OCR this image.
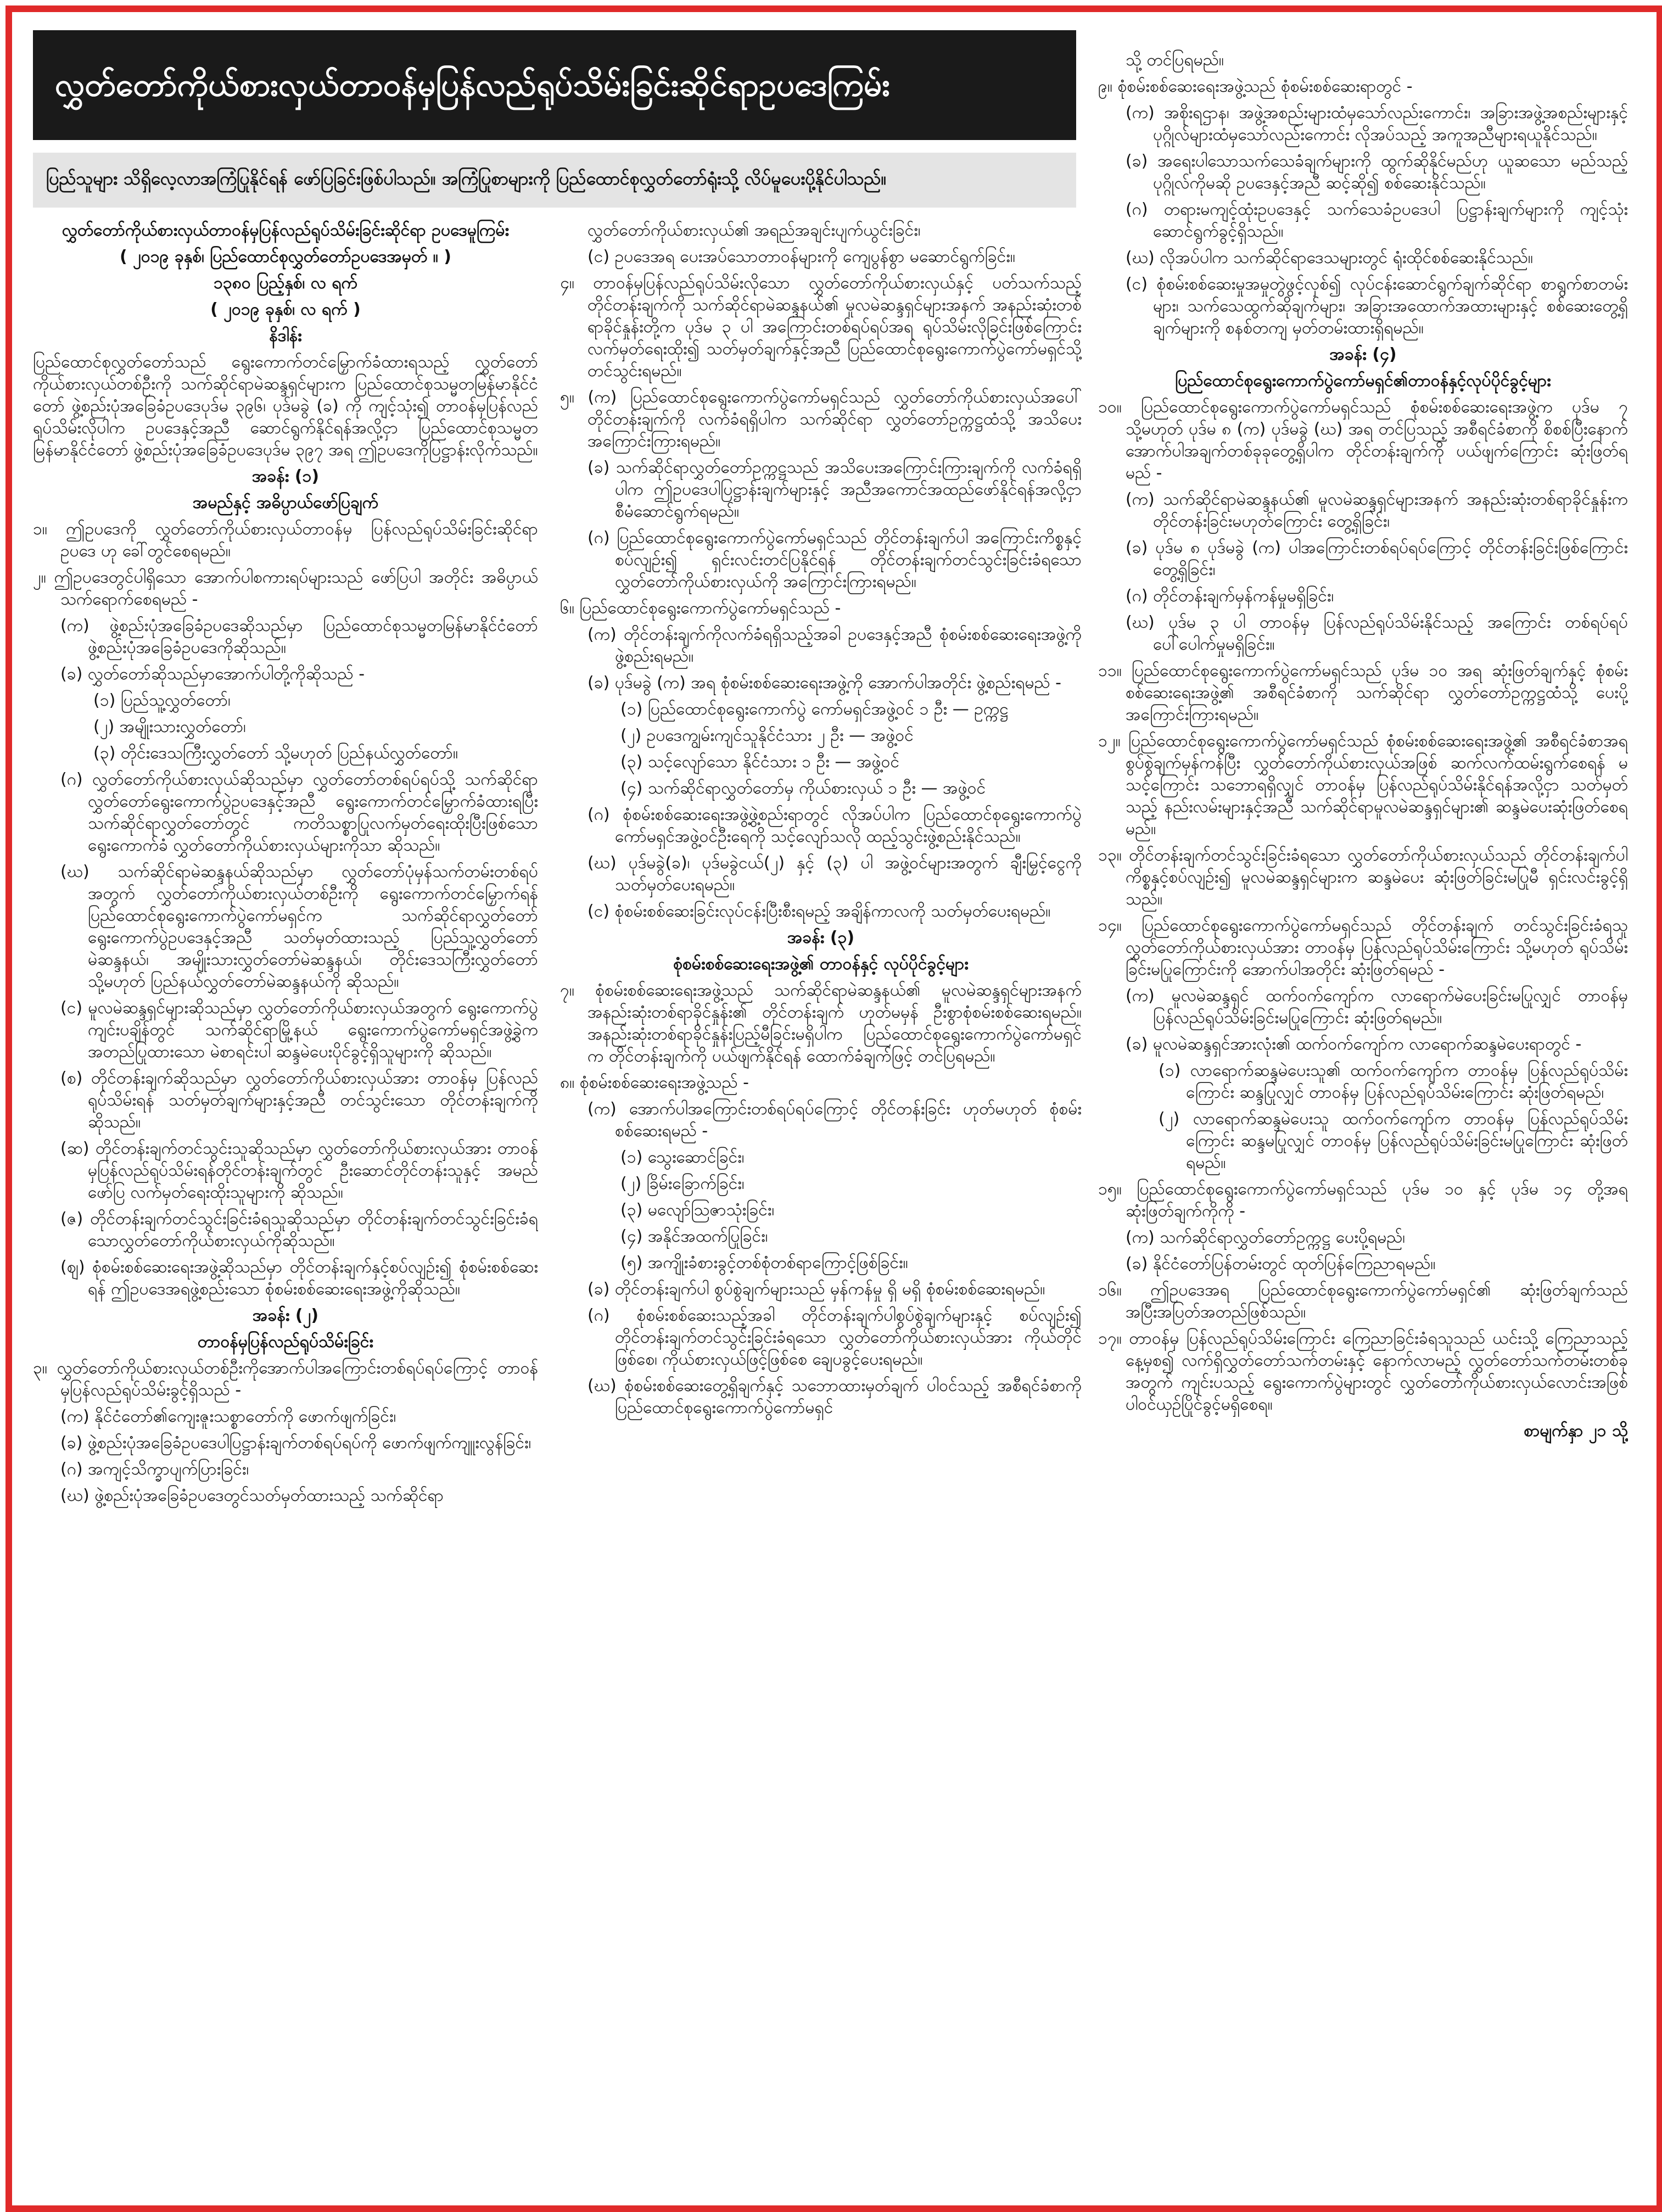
လွှတ်တော်ကိုယ်စားလှယ်တာဝန်မှပြန်လည်ရုပ်သိမ်းခြင်းဆိုင်ရာဥပဒေကြမ်း
ပြည်သူများ သိရှိလေ့လာအကြံပြုနိုင်ရန် ဖော်ပြခြင်းဖြစ်ပါသည်။ အကြံပြုစာများကို ပြည်ထောင်စုလွှတ်တော်ရုံးသို့ လိပ်မူပေးပို့နိုင်ပါသည်။

လွှတ်တော်ကိုယ်စားလှယ်တာဝန်မှပြန်လည်ရုပ်သိမ်းခြင်းဆိုင်ရာ ဥပဒေမူကြမ်း

( ၂၀၁၉ ခုနှစ်၊ ပြည်ထောင်စုလွှတ်တော်ဥပဒေအမှတ် ။ )

၁၃၈၀ ပြည့်နှစ်၊ လ ရက်

( ၂၀၁၉ ခုနှစ်၊ လ ရက် )

နိဒါန်း

ပြည်ထောင်စုလွှတ်တော်သည် ရွေးကောက်တင်မြှောက်ခံထားရသည့် လွှတ်တော်ကိုယ်စားလှယ်တစ်ဦးကို သက်ဆိုင်ရာမဲဆန္ဒရှင်များက ပြည်ထောင်စုသမ္မတမြန်မာနိုင်ငံတော် ဖွဲ့စည်းပုံအခြေခံဥပဒေပုဒ်မ ၃၉၆၊ ပုဒ်မခွဲ (ခ) ကို ကျင့်သုံး၍ တာဝန်မှပြန်လည်ရုပ်သိမ်းလိုပါက ဥပဒေနှင့်အညီ ဆောင်ရွက်နိုင်ရန်အလို့ငှာ ပြည်ထောင်စုသမ္မတမြန်မာနိုင်ငံတော် ဖွဲ့စည်းပုံအခြေခံဥပဒေပုဒ်မ ၃၉၇ အရ ဤဥပဒေကိုပြဋ္ဌာန်းလိုက်သည်။

အခန်း (၁)

အမည်နှင့် အဓိပ္ပာယ်ဖော်ပြချက်

၁။ ဤဥပဒေကို လွှတ်တော်ကိုယ်စားလှယ်တာဝန်မှ ပြန်လည်ရုပ်သိမ်းခြင်းဆိုင်ရာ ဥပဒေ ဟု ခေါ်တွင်စေရမည်။

၂။ ဤဥပဒေတွင်ပါရှိသော အောက်ပါစကားရပ်များသည် ဖော်ပြပါ အတိုင်း အဓိပ္ပာယ်သက်ရောက်စေရမည် -

(က) ဖွဲ့စည်းပုံအခြေခံဥပဒေဆိုသည်မှာ ပြည်ထောင်စုသမ္မတမြန်မာနိုင်ငံတော် ဖွဲ့စည်းပုံအခြေခံဥပဒေကိုဆိုသည်။

(ခ) လွှတ်တော်ဆိုသည်မှာအောက်ပါတို့ကိုဆိုသည် -

(၁) ပြည်သူ့လွှတ်တော်၊

(၂) အမျိုးသားလွှတ်တော်၊

(၃) တိုင်းဒေသကြီးလွှတ်တော် သို့မဟုတ် ပြည်နယ်လွှတ်တော်။

(ဂ) လွှတ်တော်ကိုယ်စားလှယ်ဆိုသည်မှာ လွှတ်တော်တစ်ရပ်ရပ်သို့ သက်ဆိုင်ရာလွှတ်တော်ရွေးကောက်ပွဲဥပဒေနှင့်အညီ ရွေးကောက်တင်မြှောက်ခံထားရပြီး သက်ဆိုင်ရာလွှတ်တော်တွင် ကတိသစ္စာပြုလက်မှတ်ရေးထိုးပြီးဖြစ်သော ရွေးကောက်ခံ လွှတ်တော်ကိုယ်စားလှယ်များကိုသာ ဆိုသည်။

(ဃ) သက်ဆိုင်ရာမဲဆန္ဒနယ်ဆိုသည်မှာ လွှတ်တော်ပုံမှန်သက်တမ်းတစ်ရပ်အတွက် လွှတ်တော်ကိုယ်စားလှယ်တစ်ဦးကို ရွေးကောက်တင်မြှောက်ရန် ပြည်ထောင်စုရွေးကောက်ပွဲကော်မရှင်က သက်ဆိုင်ရာလွှတ်တော်ရွေးကောက်ပွဲဥပဒေနှင့်အညီ သတ်မှတ်ထားသည့် ပြည်သူ့လွှတ်တော်မဲဆန္ဒနယ်၊ အမျိုးသားလွှတ်တော်မဲဆန္ဒနယ်၊ တိုင်းဒေသကြီးလွှတ်တော် သို့မဟုတ် ပြည်နယ်လွှတ်တော်မဲဆန္ဒနယ်ကို ဆိုသည်။

(င) မူလမဲဆန္ဒရှင်များဆိုသည်မှာ လွှတ်တော်ကိုယ်စားလှယ်အတွက် ရွေးကောက်ပွဲကျင်းပချိန်တွင် သက်ဆိုင်ရာမြို့နယ် ရွေးကောက်ပွဲကော်မရှင်အဖွဲ့ခွဲက အတည်ပြုထားသော မဲစာရင်းပါ ဆန္ဒမဲပေးပိုင်ခွင့်ရှိသူများကို ဆိုသည်။

(စ) တိုင်တန်းချက်ဆိုသည်မှာ လွှတ်တော်ကိုယ်စားလှယ်အား တာဝန်မှ ပြန်လည်ရုပ်သိမ်းရန် သတ်မှတ်ချက်များနှင့်အညီ တင်သွင်းသော တိုင်တန်းချက်ကိုဆိုသည်။

(ဆ) တိုင်တန်းချက်တင်သွင်းသူဆိုသည်မှာ လွှတ်တော်ကိုယ်စားလှယ်အား တာဝန်မှပြန်လည်ရုပ်သိမ်းရန်တိုင်တန်းချက်တွင် ဦးဆောင်တိုင်တန်းသူနှင့် အမည်ဖော်ပြ လက်မှတ်ရေးထိုးသူများကို ဆိုသည်။

(ဇ) တိုင်တန်းချက်တင်သွင်းခြင်းခံရသူဆိုသည်မှာ တိုင်တန်းချက်တင်သွင်းခြင်းခံရသောလွှတ်တော်ကိုယ်စားလှယ်ကိုဆိုသည်။

(ဈ) စုံစမ်းစစ်ဆေးရေးအဖွဲ့ဆိုသည်မှာ တိုင်တန်းချက်နှင့်စပ်လျဉ်း၍ စုံစမ်းစစ်ဆေးရန် ဤဥပဒေအရဖွဲ့စည်းသော စုံစမ်းစစ်ဆေးရေးအဖွဲ့ကိုဆိုသည်။

အခန်း (၂)

တာဝန်မှပြန်လည်ရုပ်သိမ်းခြင်း

၃။ လွှတ်တော်ကိုယ်စားလှယ်တစ်ဦးကိုအောက်ပါအကြောင်းတစ်ရပ်ရပ်ကြောင့် တာဝန်မှပြန်လည်ရုပ်သိမ်းခွင့်ရှိသည် -

(က) နိုင်ငံတော်၏ကျေးဇူးသစ္စာတော်ကို ဖောက်ဖျက်ခြင်း၊

(ခ) ဖွဲ့စည်းပုံအခြေခံဥပဒေပါပြဋ္ဌာန်းချက်တစ်ရပ်ရပ်ကို ဖောက်ဖျက်ကျူးလွန်ခြင်း၊

(ဂ) အကျင့်သိက္ခာပျက်ပြားခြင်း၊

(ဃ) ဖွဲ့စည်းပုံအခြေခံဥပဒေတွင်သတ်မှတ်ထားသည့် သက်ဆိုင်ရာ

လွှတ်တော်ကိုယ်စားလှယ်၏ အရည်အချင်းပျက်ယွင်းခြင်း၊

(င) ဥပဒေအရ ပေးအပ်သောတာဝန်များကို ကျေပွန်စွာ မဆောင်ရွက်ခြင်း။

၄။ တာဝန်မှပြန်လည်ရုပ်သိမ်းလိုသော လွှတ်တော်ကိုယ်စားလှယ်နှင့် ပတ်သက်သည့် တိုင်တန်းချက်ကို သက်ဆိုင်ရာမဲဆန္ဒနယ်၏ မူလမဲဆန္ဒရှင်များအနက် အနည်းဆုံးတစ်ရာခိုင်နှုန်းတို့က ပုဒ်မ ၃ ပါ အကြောင်းတစ်ရပ်ရပ်အရ ရုပ်သိမ်းလိုခြင်းဖြစ်ကြောင်း လက်မှတ်ရေးထိုး၍ သတ်မှတ်ချက်နှင့်အညီ ပြည်ထောင်စုရွေးကောက်ပွဲကော်မရှင်သို့ တင်သွင်းရမည်။

၅။ (က) ပြည်ထောင်စုရွေးကောက်ပွဲကော်မရှင်သည် လွှတ်တော်ကိုယ်စားလှယ်အပေါ် တိုင်တန်းချက်ကို လက်ခံရရှိပါက သက်ဆိုင်ရာ လွှတ်တော်ဥက္ကဋ္ဌထံသို့ အသိပေးအကြောင်းကြားရမည်။

(ခ) သက်ဆိုင်ရာလွှတ်တော်ဥက္ကဋ္ဌသည် အသိပေးအကြောင်းကြားချက်ကို လက်ခံရရှိပါက ဤဥပဒေပါပြဋ္ဌာန်းချက်များနှင့် အညီအကောင်အထည်ဖော်နိုင်ရန်အလို့ငှာ စီမံဆောင်ရွက်ရမည်။

(ဂ) ပြည်ထောင်စုရွေးကောက်ပွဲကော်မရှင်သည် တိုင်တန်းချက်ပါ အကြောင်းကိစ္စနှင့်စပ်လျဉ်း၍ ရှင်းလင်းတင်ပြနိုင်ရန် တိုင်တန်းချက်တင်သွင်းခြင်းခံရသော လွှတ်တော်ကိုယ်စားလှယ်ကို အကြောင်းကြားရမည်။

၆။ ပြည်ထောင်စုရွေးကောက်ပွဲကော်မရှင်သည် -

(က) တိုင်တန်းချက်ကိုလက်ခံရရှိသည့်အခါ ဥပဒေနှင့်အညီ စုံစမ်းစစ်ဆေးရေးအဖွဲ့ကို ဖွဲ့စည်းရမည်။

(ခ) ပုဒ်မခွဲ (က) အရ စုံစမ်းစစ်ဆေးရေးအဖွဲ့ကို အောက်ပါအတိုင်း ဖွဲ့စည်းရမည် -

(၁) ပြည်ထောင်စုရွေးကောက်ပွဲ ကော်မရှင်အဖွဲ့ဝင် ၁ ဦး — ဥက္ကဋ္ဌ

(၂) ဥပဒေကျွမ်းကျင်သူနိုင်ငံသား ၂ ဦး — အဖွဲ့ဝင်

(၃) သင့်လျော်သော နိုင်ငံသား ၁ ဦး — အဖွဲ့ဝင်

(၄) သက်ဆိုင်ရာလွှတ်တော်မှ ကိုယ်စားလှယ် ၁ ဦး — အဖွဲ့ဝင်

(ဂ) စုံစမ်းစစ်ဆေးရေးအဖွဲ့ဖွဲ့စည်းရာတွင် လိုအပ်ပါက ပြည်ထောင်စုရွေးကောက်ပွဲကော်မရှင်အဖွဲ့ဝင်ဦးရေကို သင့်လျော်သလို ထည့်သွင်းဖွဲ့စည်းနိုင်သည်။

(ဃ) ပုဒ်မခွဲ(ခ)၊ ပုဒ်မခွဲငယ်(၂) နှင့် (၃) ပါ အဖွဲ့ဝင်များအတွက် ချီးမြှင့်ငွေကို သတ်မှတ်ပေးရမည်။

(င) စုံစမ်းစစ်ဆေးခြင်းလုပ်ငန်းပြီးစီးရမည့် အချိန်ကာလကို သတ်မှတ်ပေးရမည်။

အခန်း (၃)

စုံစမ်းစစ်ဆေးရေးအဖွဲ့၏ တာဝန်နှင့် လုပ်ပိုင်ခွင့်များ

၇။ စုံစမ်းစစ်ဆေးရေးအဖွဲ့သည် သက်ဆိုင်ရာမဲဆန္ဒနယ်၏ မူလမဲဆန္ဒရှင်များအနက် အနည်းဆုံးတစ်ရာခိုင်နှုန်း၏ တိုင်တန်းချက် ဟုတ်မမှန် ဦးစွာစုံစမ်းစစ်ဆေးရမည်။ အနည်းဆုံးတစ်ရာခိုင်နှုန်းပြည့်မီခြင်းမရှိပါက ပြည်ထောင်စုရွေးကောက်ပွဲကော်မရှင်က တိုင်တန်းချက်ကို ပယ်ဖျက်နိုင်ရန် ထောက်ခံချက်ဖြင့် တင်ပြရမည်။

၈။ စုံစမ်းစစ်ဆေးရေးအဖွဲ့သည် -

(က) အောက်ပါအကြောင်းတစ်ရပ်ရပ်ကြောင့် တိုင်တန်းခြင်း ဟုတ်မဟုတ် စုံစမ်းစစ်ဆေးရမည် -

(၁) သွေးဆောင်ခြင်း၊

(၂) ခြိမ်းခြောက်ခြင်း၊

(၃) မလျော်ဩဇာသုံးခြင်း၊

(၄) အနိုင်အထက်ပြုခြင်း၊

(၅) အကျိုးခံစားခွင့်တစ်စုံတစ်ရာကြောင့်ဖြစ်ခြင်း။

(ခ) တိုင်တန်းချက်ပါ စွပ်စွဲချက်များသည် မှန်ကန်မှု ရှိ မရှိ စုံစမ်းစစ်ဆေးရမည်။

(ဂ) စုံစမ်းစစ်ဆေးသည့်အခါ တိုင်တန်းချက်ပါစွပ်စွဲချက်များနှင့် စပ်လျဉ်း၍ တိုင်တန်းချက်တင်သွင်းခြင်းခံရသော လွှတ်တော်ကိုယ်စားလှယ်အား ကိုယ်တိုင်ဖြစ်စေ၊ ကိုယ်စားလှယ်ဖြင့်ဖြစ်စေ ချေပခွင့်ပေးရမည်။

(ဃ) စုံစမ်းစစ်ဆေးတွေ့ရှိချက်နှင့် သဘောထားမှတ်ချက် ပါဝင်သည့် အစီရင်ခံစာကို ပြည်ထောင်စုရွေးကောက်ပွဲကော်မရှင်

သို့ တင်ပြရမည်။

၉။ စုံစမ်းစစ်ဆေးရေးအဖွဲ့သည် စုံစမ်းစစ်ဆေးရာတွင် -

(က) အစိုးရဌာန၊ အဖွဲ့အစည်းများထံမှသော်လည်းကောင်း၊ အခြားအဖွဲ့အစည်းများနှင့် ပုဂ္ဂိုလ်များထံမှသော်လည်းကောင်း လိုအပ်သည့် အကူအညီများရယူနိုင်သည်။

(ခ) အရေးပါသောသက်သေခံချက်များကို ထွက်ဆိုနိုင်မည်ဟု ယူဆသော မည်သည့်ပုဂ္ဂိုလ်ကိုမဆို ဥပဒေနှင့်အညီ ဆင့်ဆို၍ စစ်ဆေးနိုင်သည်။

(ဂ) တရားမကျင့်ထုံးဥပဒေနှင့် သက်သေခံဥပဒေပါ ပြဋ္ဌာန်းချက်များကို ကျင့်သုံးဆောင်ရွက်ခွင့်ရှိသည်။

(ဃ) လိုအပ်ပါက သက်ဆိုင်ရာဒေသများတွင် ရုံးထိုင်စစ်ဆေးနိုင်သည်။

(င) စုံစမ်းစစ်ဆေးမှုအမှုတွဲဖွင့်လှစ်၍ လုပ်ငန်းဆောင်ရွက်ချက်ဆိုင်ရာ စာရွက်စာတမ်းများ၊ သက်သေထွက်ဆိုချက်များ၊ အခြားအထောက်အထားများနှင့် စစ်ဆေးတွေ့ရှိချက်များကို စနစ်တကျ မှတ်တမ်းထားရှိရမည်။

အခန်း (၄)

ပြည်ထောင်စုရွေးကောက်ပွဲကော်မရှင်၏တာဝန်နှင့်လုပ်ပိုင်ခွင့်များ

၁၀။ ပြည်ထောင်စုရွေးကောက်ပွဲကော်မရှင်သည် စုံစမ်းစစ်ဆေးရေးအဖွဲ့က ပုဒ်မ ၇ သို့မဟုတ် ပုဒ်မ ၈ (က) ပုဒ်မခွဲ (ဃ) အရ တင်ပြသည့် အစီရင်ခံစာကို စိစစ်ပြီးနောက် အောက်ပါအချက်တစ်ခုခုတွေ့ရှိပါက တိုင်တန်းချက်ကို ပယ်ဖျက်ကြောင်း ဆုံးဖြတ်ရမည် -

(က) သက်ဆိုင်ရာမဲဆန္ဒနယ်၏ မူလမဲဆန္ဒရှင်များအနက် အနည်းဆုံးတစ်ရာခိုင်နှုန်းက တိုင်တန်းခြင်းမဟုတ်ကြောင်း တွေ့ရှိခြင်း၊

(ခ) ပုဒ်မ ၈ ပုဒ်မခွဲ (က) ပါအကြောင်းတစ်ရပ်ရပ်ကြောင့် တိုင်တန်းခြင်းဖြစ်ကြောင်း တွေ့ရှိခြင်း၊

(ဂ) တိုင်တန်းချက်မှန်ကန်မှုမရှိခြင်း၊

(ဃ) ပုဒ်မ ၃ ပါ တာဝန်မှ ပြန်လည်ရုပ်သိမ်းနိုင်သည့် အကြောင်း တစ်ရပ်ရပ် ပေါ်ပေါက်မှုမရှိခြင်း။

၁၁။ ပြည်ထောင်စုရွေးကောက်ပွဲကော်မရှင်သည် ပုဒ်မ ၁၀ အရ ဆုံးဖြတ်ချက်နှင့် စုံစမ်းစစ်ဆေးရေးအဖွဲ့၏ အစီရင်ခံစာကို သက်ဆိုင်ရာ လွှတ်တော်ဥက္ကဋ္ဌထံသို့ ပေးပို့အကြောင်းကြားရမည်။

၁၂။ ပြည်ထောင်စုရွေးကောက်ပွဲကော်မရှင်သည် စုံစမ်းစစ်ဆေးရေးအဖွဲ့၏ အစီရင်ခံစာအရ စွပ်စွဲချက်မှန်ကန်ပြီး လွှတ်တော်ကိုယ်စားလှယ်အဖြစ် ဆက်လက်ထမ်းရွက်စေရန် မသင့်ကြောင်း သဘောရရှိလျှင် တာဝန်မှ ပြန်လည်ရုပ်သိမ်းနိုင်ရန်အလို့ငှာ သတ်မှတ်သည့် နည်းလမ်းများနှင့်အညီ သက်ဆိုင်ရာမူလမဲဆန္ဒရှင်များ၏ ဆန္ဒမဲပေးဆုံးဖြတ်စေရမည်။

၁၃။ တိုင်တန်းချက်တင်သွင်းခြင်းခံရသော လွှတ်တော်ကိုယ်စားလှယ်သည် တိုင်တန်းချက်ပါကိစ္စနှင့်စပ်လျဉ်း၍ မူလမဲဆန္ဒရှင်များက ဆန္ဒမဲပေး ဆုံးဖြတ်ခြင်းမပြုမီ ရှင်းလင်းခွင့်ရှိသည်။

၁၄။ ပြည်ထောင်စုရွေးကောက်ပွဲကော်မရှင်သည် တိုင်တန်းချက် တင်သွင်းခြင်းခံရသူ လွှတ်တော်ကိုယ်စားလှယ်အား တာဝန်မှ ပြန်လည်ရုပ်သိမ်းကြောင်း သို့မဟုတ် ရုပ်သိမ်းခြင်းမပြုကြောင်းကို အောက်ပါအတိုင်း ဆုံးဖြတ်ရမည် -

(က) မူလမဲဆန္ဒရှင် ထက်ဝက်ကျော်က လာရောက်မဲပေးခြင်းမပြုလျှင် တာဝန်မှပြန်လည်ရုပ်သိမ်းခြင်းမပြုကြောင်း ဆုံးဖြတ်ရမည်။

(ခ) မူလမဲဆန္ဒရှင်အားလုံး၏ ထက်ဝက်ကျော်က လာရောက်ဆန္ဒမဲပေးရာတွင် -

(၁) လာရောက်ဆန္ဒမဲပေးသူ၏ ထက်ဝက်ကျော်က တာဝန်မှ ပြန်လည်ရုပ်သိမ်းကြောင်း ဆန္ဒပြုလျှင် တာဝန်မှ ပြန်လည်ရုပ်သိမ်းကြောင်း ဆုံးဖြတ်ရမည်၊

(၂) လာရောက်ဆန္ဒမဲပေးသူ ထက်ဝက်ကျော်က တာဝန်မှ ပြန်လည်ရုပ်သိမ်းကြောင်း ဆန္ဒမပြုလျှင် တာဝန်မှ ပြန်လည်ရုပ်သိမ်းခြင်းမပြုကြောင်း ဆုံးဖြတ်ရမည်။

၁၅။ ပြည်ထောင်စုရွေးကောက်ပွဲကော်မရှင်သည် ပုဒ်မ ၁၀ နှင့် ပုဒ်မ ၁၄ တို့အရ ဆုံးဖြတ်ချက်ကိုကို -

(က) သက်ဆိုင်ရာလွှတ်တော်ဥက္ကဋ္ဌ ပေးပို့ရမည်၊

(ခ) နိုင်ငံတော်ပြန်တမ်းတွင် ထုတ်ပြန်ကြေညာရမည်။

၁၆။ ဤဥပဒေအရ ပြည်ထောင်စုရွေးကောက်ပွဲကော်မရှင်၏ ဆုံးဖြတ်ချက်သည် အပြီးအပြတ်အတည်ဖြစ်သည်။

၁၇။ တာဝန်မှ ပြန်လည်ရုပ်သိမ်းကြောင်း ကြေညာခြင်းခံရသူသည် ယင်းသို့ ကြေညာသည့်နေ့မှစ၍ လက်ရှိလွှတ်တော်သက်တမ်းနှင့် နောက်လာမည့် လွှတ်တော်သက်တမ်းတစ်ခုအတွက် ကျင်းပသည့် ရွေးကောက်ပွဲများတွင် လွှတ်တော်ကိုယ်စားလှယ်လောင်းအဖြစ် ပါဝင်ယှဉ်ပြိုင်ခွင့်မရှိစေရ။

စာမျက်နှာ ၂၁ သို့
